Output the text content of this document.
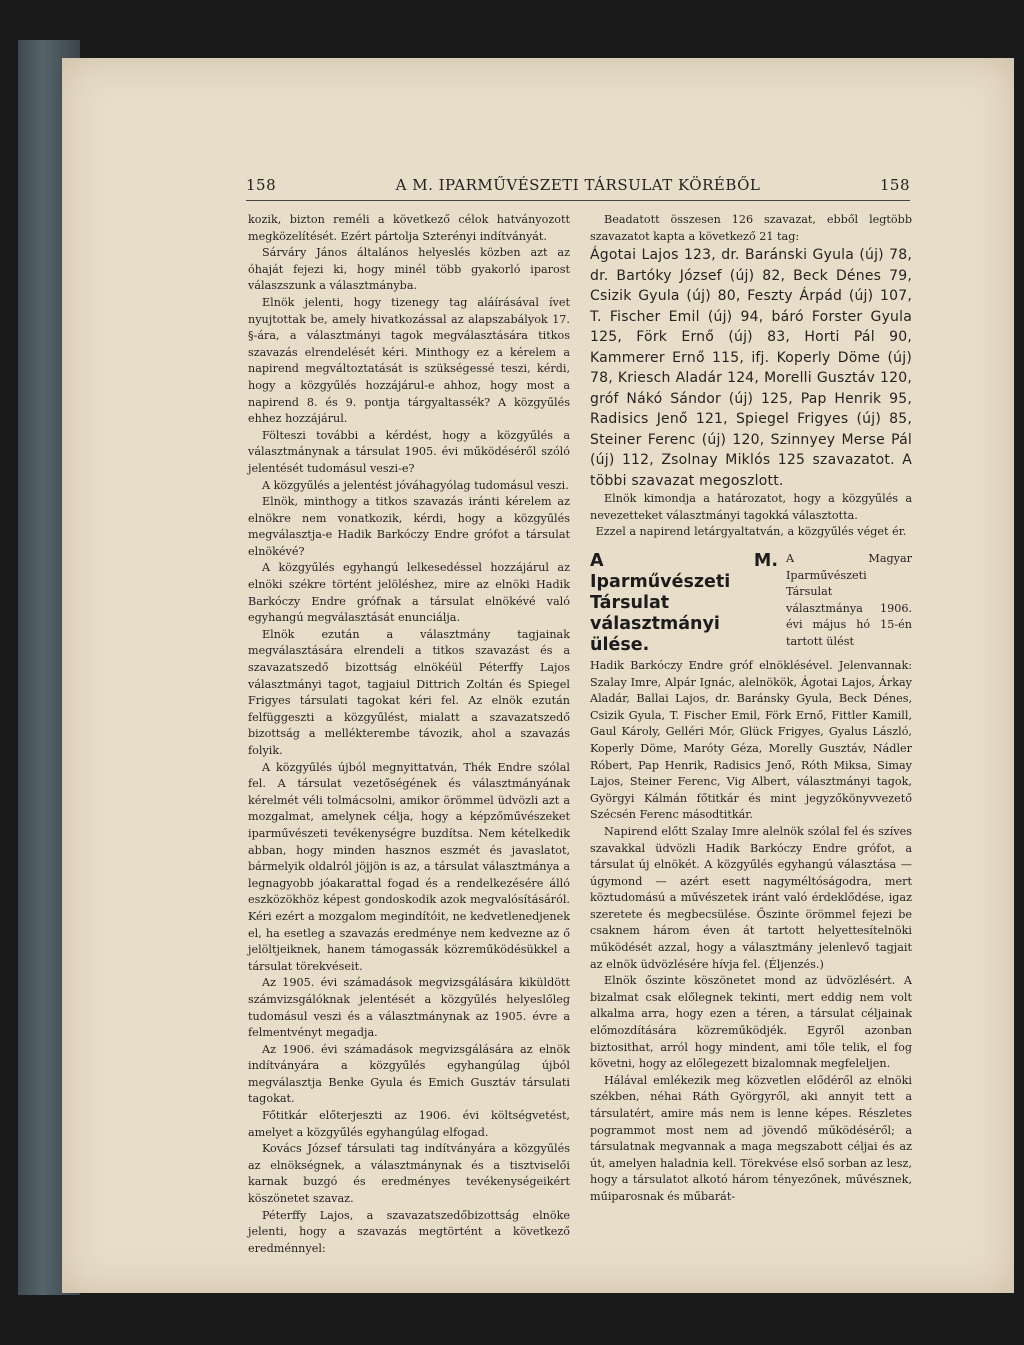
158	A M. IPARMŰVÉSZETI TÁRSULAT KÖRÉBŐL	158

kozik, bizton reméli a következő célok hatványozott megközelítését. Ezért pártolja Szterényi indítványát.

Sárváry János általános helyeslés közben azt az óhaját fejezi ki, hogy minél több gyakorló iparost válaszszunk a választmányba.

Elnök jelenti, hogy tizenegy tag aláírásával ívet nyujtottak be, amely hivatkozással az alapszabályok 17. §-ára, a választmányi tagok megválasztására titkos szavazás elrendelését kéri. Minthogy ez a kérelem a napirend megváltoztatását is szükségessé teszi, kérdi, hogy a közgyűlés hozzájárul-e ahhoz, hogy most a napirend 8. és 9. pontja tárgyaltassék? A közgyűlés ehhez hozzájárul.

Fölteszi további a kérdést, hogy a közgyűlés a választmánynak a társulat 1905. évi működéséről szóló jelentését tudomásul veszi-e?

A közgyűlés a jelentést jóváhagyólag tudomásul veszi.

Elnök, minthogy a titkos szavazás iránti kérelem az elnökre nem vonatkozik, kérdi, hogy a közgyűlés megválasztja-e Hadik Barkóczy Endre grófot a társulat elnökévé?

A közgyűlés egyhangú lelkesedéssel hozzájárul az elnöki székre történt jelöléshez, mire az elnöki Hadik Barkóczy Endre grófnak a társulat elnökévé való egyhangú megválasztását enunciálja.

Elnök ezután a választmány tagjainak megválasztására elrendeli a titkos szavazást és a szavazatszedő bizottság elnökéül Péterffy Lajos választmányi tagot, tagjaiul Dittrich Zoltán és Spiegel Frigyes társulati tagokat kéri fel. Az elnök ezután felfüggeszti a közgyűlést, mialatt a szavazatszedő bizottság a mellékterembe távozik, ahol a szavazás folyik.

A közgyűlés újból megnyittatván, Thék Endre szólal fel. A társulat vezetőségének és választmányának kérelmét véli tolmácsolni, amikor örömmel üdvözli azt a mozgalmat, amelynek célja, hogy a képzőművészeket iparművészeti tevékenységre buzdítsa. Nem kételkedik abban, hogy minden hasznos eszmét és javaslatot, bármelyik oldalról jöjjön is az, a társulat választmánya a legnagyobb jóakarattal fogad és a rendelkezésére álló eszközökhöz képest gondoskodik azok megvalósításáról. Kéri ezért a mozgalom megindítóit, ne kedvetlenedjenek el, ha esetleg a szavazás eredménye nem kedvezne az ő jelöltjeiknek, hanem támogassák közreműködésükkel a társulat törekvéseit.

Az 1905. évi számadások megvizsgálására kiküldött számvizsgálóknak jelentését a közgyűlés helyeslőleg tudomásul veszi és a választmánynak az 1905. évre a felmentvényt megadja.

Az 1906. évi számadások megvizsgálására az elnök indítványára a közgyűlés egyhangúlag újból megválasztja Benke Gyula és Emich Gusztáv társulati tagokat.

Főtitkár előterjeszti az 1906. évi költségvetést, amelyet a közgyűlés egyhangúlag elfogad.

Kovács József társulati tag indítványára a közgyűlés az elnökségnek, a választmánynak és a tisztviselői karnak buzgó és eredményes tevékenységeikért köszönetet szavaz.

Péterffy Lajos, a szavazatszedőbizottság elnöke jelenti, hogy a szavazás megtörtént a következő eredménnyel:

Beadatott összesen 126 szavazat, ebből legtöbb szavazatot kapta a következő 21 tag:

Ágotai Lajos 123, dr. Baránski Gyula (új) 78, dr. Bartóky József (új) 82, Beck Dénes 79, Csizik Gyula (új) 80, Feszty Árpád (új) 107, T. Fischer Emil (új) 94, báró Forster Gyula 125, Förk Ernő (új) 83, Horti Pál 90, Kammerer Ernő 115, ifj. Koperly Döme (új) 78, Kriesch Aladár 124, Morelli Gusztáv 120, gróf Nákó Sándor (új) 125, Pap Henrik 95, Radisics Jenő 121, Spiegel Frigyes (új) 85, Steiner Ferenc (új) 120, Szinnyey Merse Pál (új) 112, Zsolnay Miklós 125 szavazatot. A többi szavazat megoszlott.

Elnök kimondja a határozatot, hogy a közgyűlés a nevezetteket választmányi tagokká választotta.

Ezzel a napirend letárgyaltatván, a közgyűlés véget ér.

A M. Iparművészeti Társulat választmányi ülése.
A Magyar Iparművészeti Társulat választmánya 1906. évi május hó 15-én tartott ülést

Hadik Barkóczy Endre gróf elnöklésével. Jelenvannak: Szalay Imre, Alpár Ignác, alelnökök, Ágotai Lajos, Árkay Aladár, Ballai Lajos, dr. Baránsky Gyula, Beck Dénes, Csizik Gyula, T. Fischer Emil, Förk Ernő, Fittler Kamill, Gaul Károly, Gelléri Mór, Glück Frigyes, Gyalus László, Koperly Döme, Maróty Géza, Morelly Gusztáv, Nádler Róbert, Pap Henrik, Radisics Jenő, Róth Miksa, Simay Lajos, Steiner Ferenc, Vig Albert, választmányi tagok, Györgyi Kálmán főtitkár és mint jegyzőkönyvvezető Szécsén Ferenc másodtitkár.

Napirend előtt Szalay Imre alelnök szólal fel és szíves szavakkal üdvözli Hadik Barkóczy Endre grófot, a társulat új elnökét. A közgyűlés egyhangú választása — úgymond — azért esett nagyméltóságodra, mert köztudomású a művészetek iránt való érdeklődése, igaz szeretete és megbecsülése. Őszinte örömmel fejezi be csaknem három éven át tartott helyettesítelnöki működését azzal, hogy a választmány jelenlevő tagjait az elnök üdvözlésére hívja fel. (Éljenzés.)

Elnök őszinte köszönetet mond az üdvözlésért. A bizalmat csak előlegnek tekinti, mert eddig nem volt alkalma arra, hogy ezen a téren, a társulat céljainak előmozdítására közreműködjék. Egyről azonban biztosithat, arról hogy mindent, ami tőle telik, el fog követni, hogy az előlegezett bizalomnak megfeleljen.

Hálával emlékezik meg közvetlen elődéről az elnöki székben, néhai Ráth Györgyről, aki annyit tett a társulatért, amire más nem is lenne képes. Részletes pogrammot most nem ad jövendő működéséről; a társulatnak megvannak a maga megszabott céljai és az út, amelyen haladnia kell. Törekvése első sorban az lesz, hogy a társulatot alkotó három tényezőnek, művésznek, műiparosnak és műbarát-
